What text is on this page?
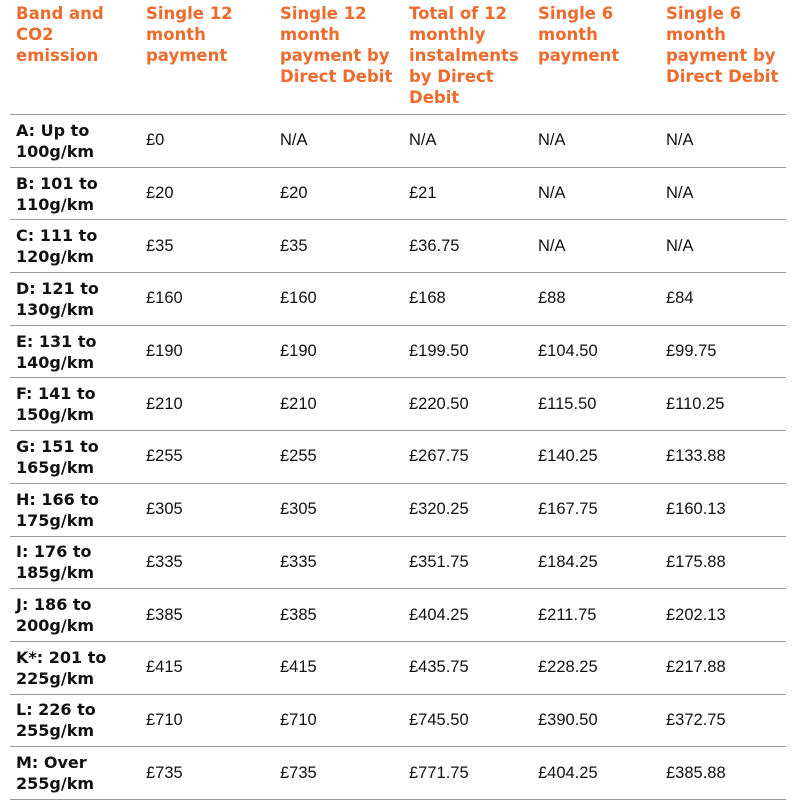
Band and CO2 emission	Single 12 month payment	Single 12 month payment by Direct Debit	Total of 12 monthly instalments by Direct Debit	Single 6 month payment	Single 6 month payment by Direct Debit
A: Up to 100g/km	£0	N/A	N/A	N/A	N/A
B: 101 to 110g/km	£20	£20	£21	N/A	N/A
C: 111 to 120g/km	£35	£35	£36.75	N/A	N/A
D: 121 to 130g/km	£160	£160	£168	£88	£84
E: 131 to 140g/km	£190	£190	£199.50	£104.50	£99.75
F: 141 to 150g/km	£210	£210	£220.50	£115.50	£110.25
G: 151 to 165g/km	£255	£255	£267.75	£140.25	£133.88
H: 166 to 175g/km	£305	£305	£320.25	£167.75	£160.13
I: 176 to 185g/km	£335	£335	£351.75	£184.25	£175.88
J: 186 to 200g/km	£385	£385	£404.25	£211.75	£202.13
K*: 201 to 225g/km	£415	£415	£435.75	£228.25	£217.88
L: 226 to 255g/km	£710	£710	£745.50	£390.50	£372.75
M: Over 255g/km	£735	£735	£771.75	£404.25	£385.88
